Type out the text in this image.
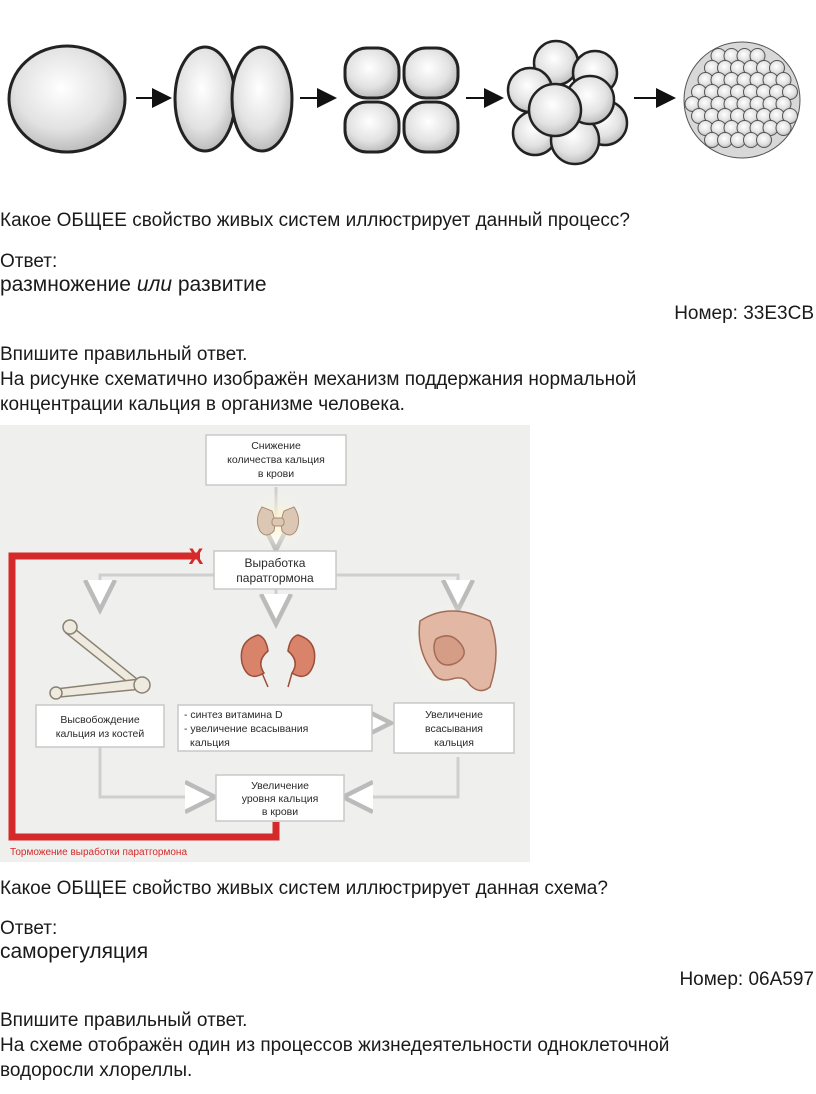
Какое ОБЩЕЕ свойство живых систем иллюстрирует данный процесс?
Ответ:
размножение или развитие
Номер: 33E3CB
Впишите правильный ответ.
На рисунке схематично изображён механизм поддержания нормальной
концентрации кальция в организме человека.
X
Снижение
количества кальция
в крови
Выработка
паратгормона
Высвобождение
кальция из костей
Увеличение
всасывания
кальция
Увеличение
уровня кальция
в крови
- синтез витамина D
- увеличение всасывания
кальция
Торможение выработки паратгормона
Какое ОБЩЕЕ свойство живых систем иллюстрирует данная схема?
Ответ:
саморегуляция
Номер: 06A597
Впишите правильный ответ.
На схеме отображён один из процессов жизнедеятельности одноклеточной
водоросли хлореллы.
